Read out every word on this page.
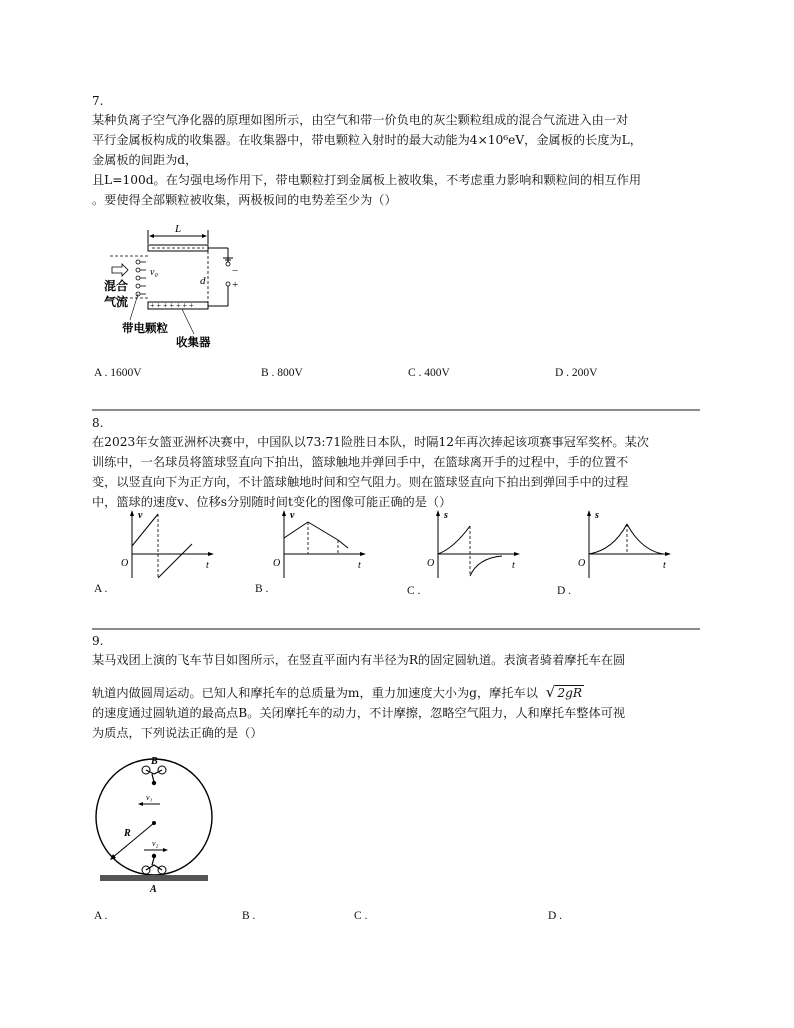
7.
某种负离子空气净化器的原理如图所示，由空气和带一价负电的灰尘颗粒组成的混合气流进入由一对
平行金属板构成的收集器。在收集器中，带电颗粒入射时的最大动能为4×10⁶eV，金属板的长度为L，
金属板的间距为d，
且L=100d。在匀强电场作用下，带电颗粒打到金属板上被收集，不考虑重力影响和颗粒间的相互作用
。要使得全部颗粒被收集，两极板间的电势差至少为（）
L
+ + + + + + +
v₀
混合
气流
d
−
+
带电颗粒
收集器
A . 1600V	B . 800V	C . 400V	D . 200V
8.
在2023年女篮亚洲杯决赛中，中国队以73:71险胜日本队，时隔12年再次捧起该项赛事冠军奖杯。某次
训练中，一名球员将篮球竖直向下拍出，篮球触地并弹回手中，在篮球离开手的过程中，手的位置不
变，以竖直向下为正方向，不计篮球触地时间和空气阻力。则在篮球竖直向下拍出到弹回手中的过程
中，篮球的速度v、位移s分别随时间t变化的图像可能正确的是（）
v
t
O
A .
v
t
O
B .
s
t
O
C .
s
t
O
D .
9.
某马戏团上演的飞车节目如图所示，在竖直平面内有半径为R的固定圆轨道。表演者骑着摩托车在圆
轨道内做圆周运动。已知人和摩托车的总质量为m，重力加速度大小为g，摩托车以 √ 2gR
的速度通过圆轨道的最高点B。关闭摩托车的动力，不计摩擦，忽略空气阻力，人和摩托车整体可视
为质点，下列说法正确的是（）
B
v₁
R
v₂
A
A .	B .	C .	D .
